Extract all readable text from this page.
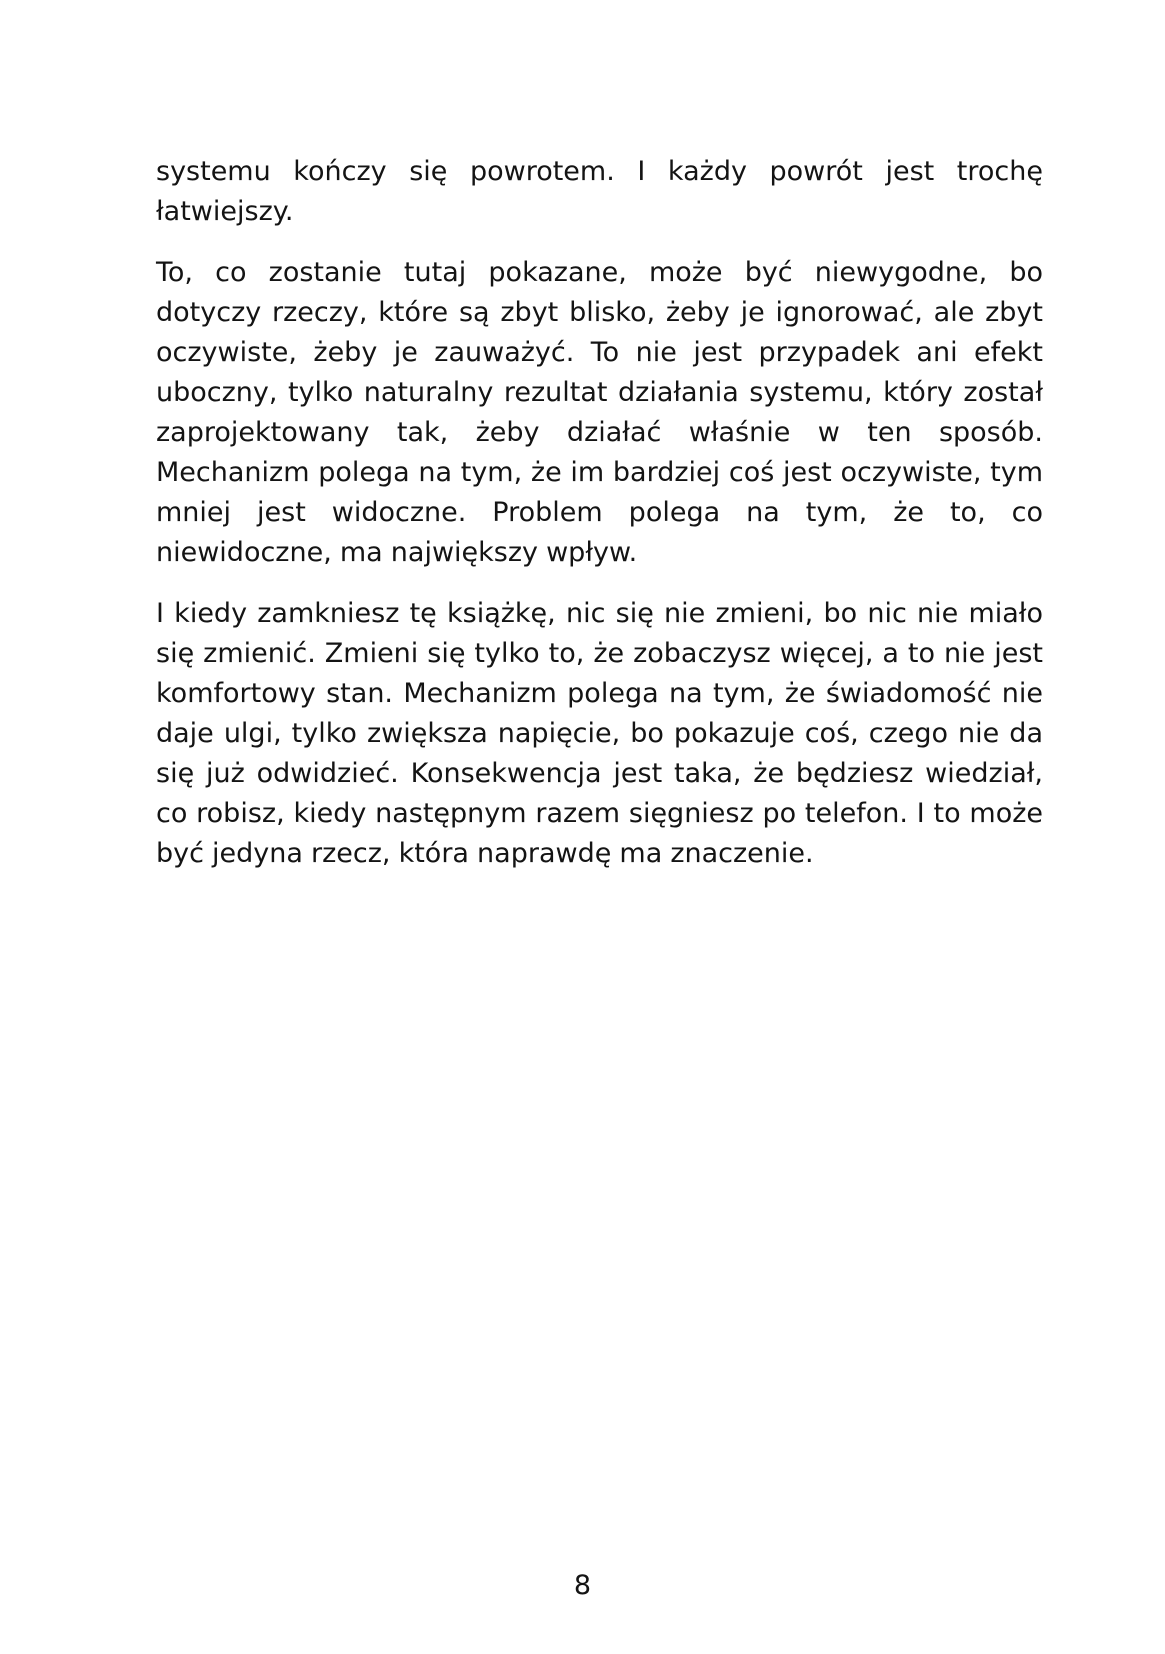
systemu kończy się powrotem. I każdy powrót jest trochę łatwiejszy.

To, co zostanie tutaj pokazane, może być niewygodne, bo dotyczy rzeczy, które są zbyt blisko, żeby je ignorować, ale zbyt oczywiste, żeby je zauważyć. To nie jest przypadek ani efekt uboczny, tylko naturalny rezultat działania systemu, który został zaprojektowany tak, żeby działać właśnie w ten sposób. Mechanizm polega na tym, że im bardziej coś jest oczywiste, tym mniej jest widoczne. Problem polega na tym, że to, co niewidoczne, ma największy wpływ.

I kiedy zamkniesz tę książkę, nic się nie zmieni, bo nic nie miało się zmienić. Zmieni się tylko to, że zobaczysz więcej, a to nie jest komfortowy stan. Mechanizm polega na tym, że świadomość nie daje ulgi, tylko zwiększa napięcie, bo pokazuje coś, czego nie da się już odwidzieć. Konsekwencja jest taka, że będziesz wiedział, co robisz, kiedy następnym razem sięgniesz po telefon. I to może być jedyna rzecz, która naprawdę ma znaczenie.

8
